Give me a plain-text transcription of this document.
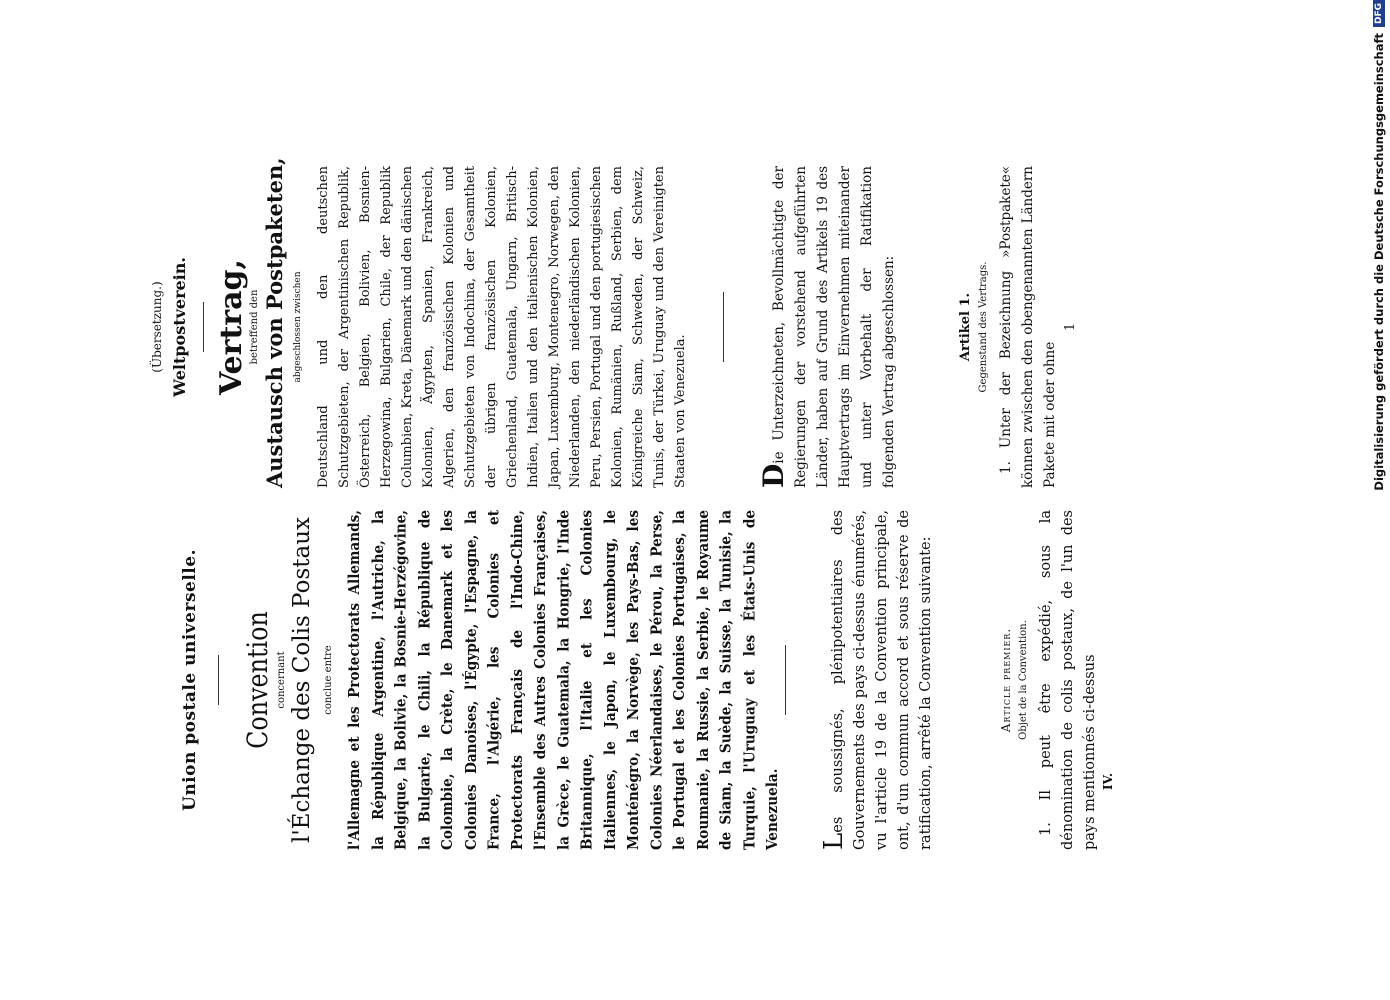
Union postale universelle. Convention concernant l'Échange des Colis Postaux conclue entre l'Allemagne et les Protectorats Allemands, la République Argentine, l'Autriche, la Belgique, la Bolivie, la Bosnie-Herzégovine, la Bulgarie, le Chili, la République de Colombie, la Crète, le Danemark et les Colonies Danoises, l'Égypte, l'Espagne, la France, l'Algérie, les Colonies et Protectorats Français de l'Indo-Chine, l'Ensemble des Autres Colonies Françaises, la Grèce, le Guatemala, la Hongrie, l'Inde Britannique, l'Italie et les Colonies Italiennes, le Japon, le Luxembourg, le Monténégro, la Norvège, les Pays-Bas, les Colonies Néerlandaises, le Pérou, la Perse, le Portugal et les Colonies Portugaises, la Roumanie, la Russie, la Serbie, le Royaume de Siam, la Suède, la Suisse, la Tunisie, la Turquie, l'Uruguay et les États-Unis de Venezuela. Les soussignés, plénipotentiaires des Gouvernements des pays ci-dessus énumérés, vu l'article 19 de la Convention principale, ont, d'un commun accord et sous réserve de ratification, arrêté la Convention suivante:	Article premier. Objet de la Convention. 1. Il peut être expédié, sous la dénomination de colis postaux, de l'un des pays mentionnés ci-dessus IV.
(Übersetzung.) Weltpostverein. Vertrag, betreffend den Austausch von Postpaketen, abgeschlossen zwischen Deutschland und den deutschen Schutzgebieten, der Argentinischen Republik, Österreich, Belgien, Bolivien, Bosnien-Herzegowina, Bulgarien, Chile, der Republik Columbien, Kreta, Dänemark und den dänischen Kolonien, Ägypten, Spanien, Frankreich, Algerien, den französischen Kolonien und Schutzgebieten von Indochina, der Gesamtheit der übrigen französischen Kolonien, Griechenland, Guatemala, Ungarn, Britisch-Indien, Italien und den italienischen Kolonien, Japan, Luxemburg, Montenegro, Norwegen, den Niederlanden, den niederländischen Kolonien, Peru, Persien, Portugal und den portugiesischen Kolonien, Rumänien, Rußland, Serbien, dem Königreiche Siam, Schweden, der Schweiz, Tunis, der Türkei, Uruguay und den Vereinigten Staaten von Venezuela. Die Unterzeichneten, Bevollmächtigte der Regierungen der vorstehend aufgeführten Länder, haben auf Grund des Artikels 19 des Hauptvertrags im Einvernehmen miteinander und unter Vorbehalt der Ratifikation folgenden Vertrag abgeschlossen:	Artikel 1. Gegenstand des Vertrags. 1. Unter der Bezeichnung »Postpakete« können zwischen den obengenannten Ländern Pakete mit oder ohne

1	Digitalisierung gefördert durch die Deutsche Forschungsgemeinschaft
DFG
